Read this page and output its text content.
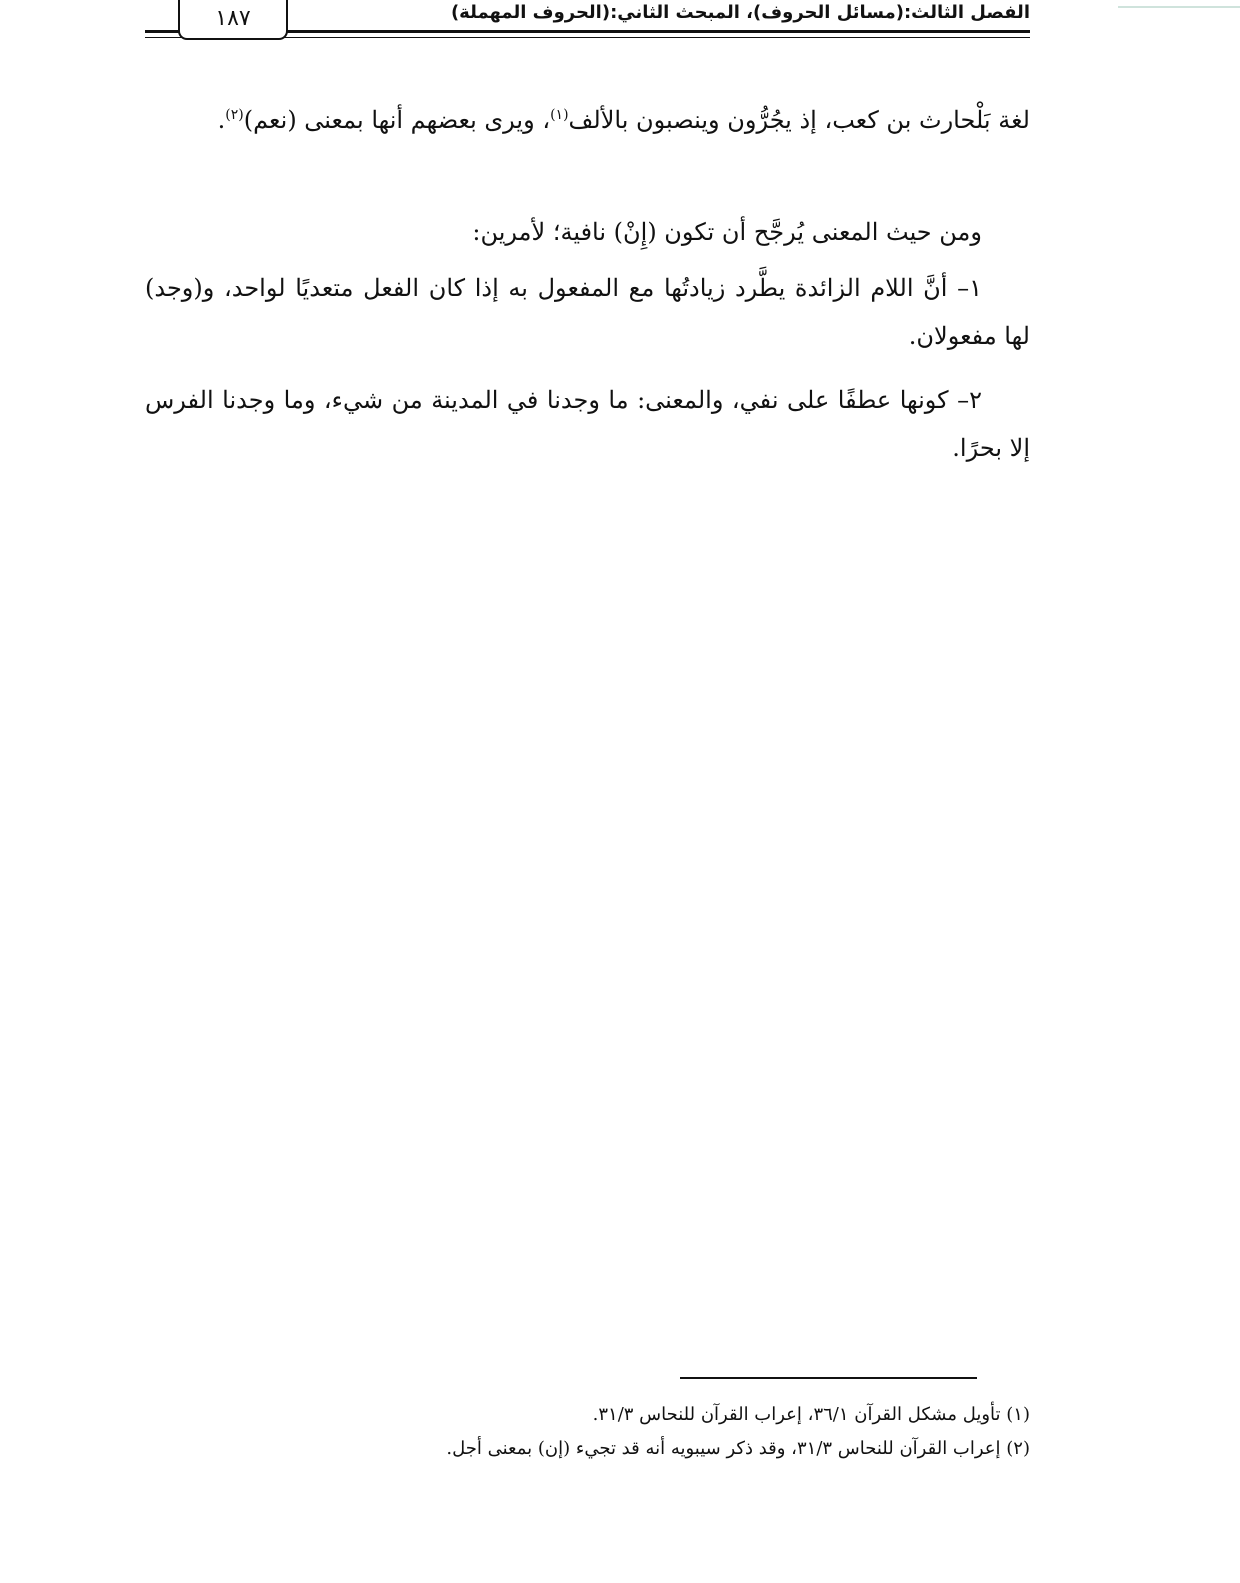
١٨٧	الفصل الثالث:(مسائل الحروف)، المبحث الثاني:(الحروف المهملة)

لغة بَلْحارث بن كعب، إذ يجُرُّون وينصبون بالألف$^{(١)}$، ويرى بعضهم أنها بمعنى (نعم)$^{(٢)}$.

ومن حيث المعنى يُرجَّح أن تكون (إِنْ) نافية؛ لأمرين:

١– أنَّ اللام الزائدة يطَّرد زيادتُها مع المفعول به إذا كان الفعل متعديًا لواحد، و(وجد) لها مفعولان.

٢– كونها عطفًا على نفي، والمعنى: ما وجدنا في المدينة من شيء، وما وجدنا الفرس إلا بحرًا.

(١) تأويل مشكل القرآن ٣٦/١، إعراب القرآن للنحاس ٣١/٣.

(٢) إعراب القرآن للنحاس ٣١/٣، وقد ذكر سيبويه أنه قد تجيء (إن) بمعنى أجل.
